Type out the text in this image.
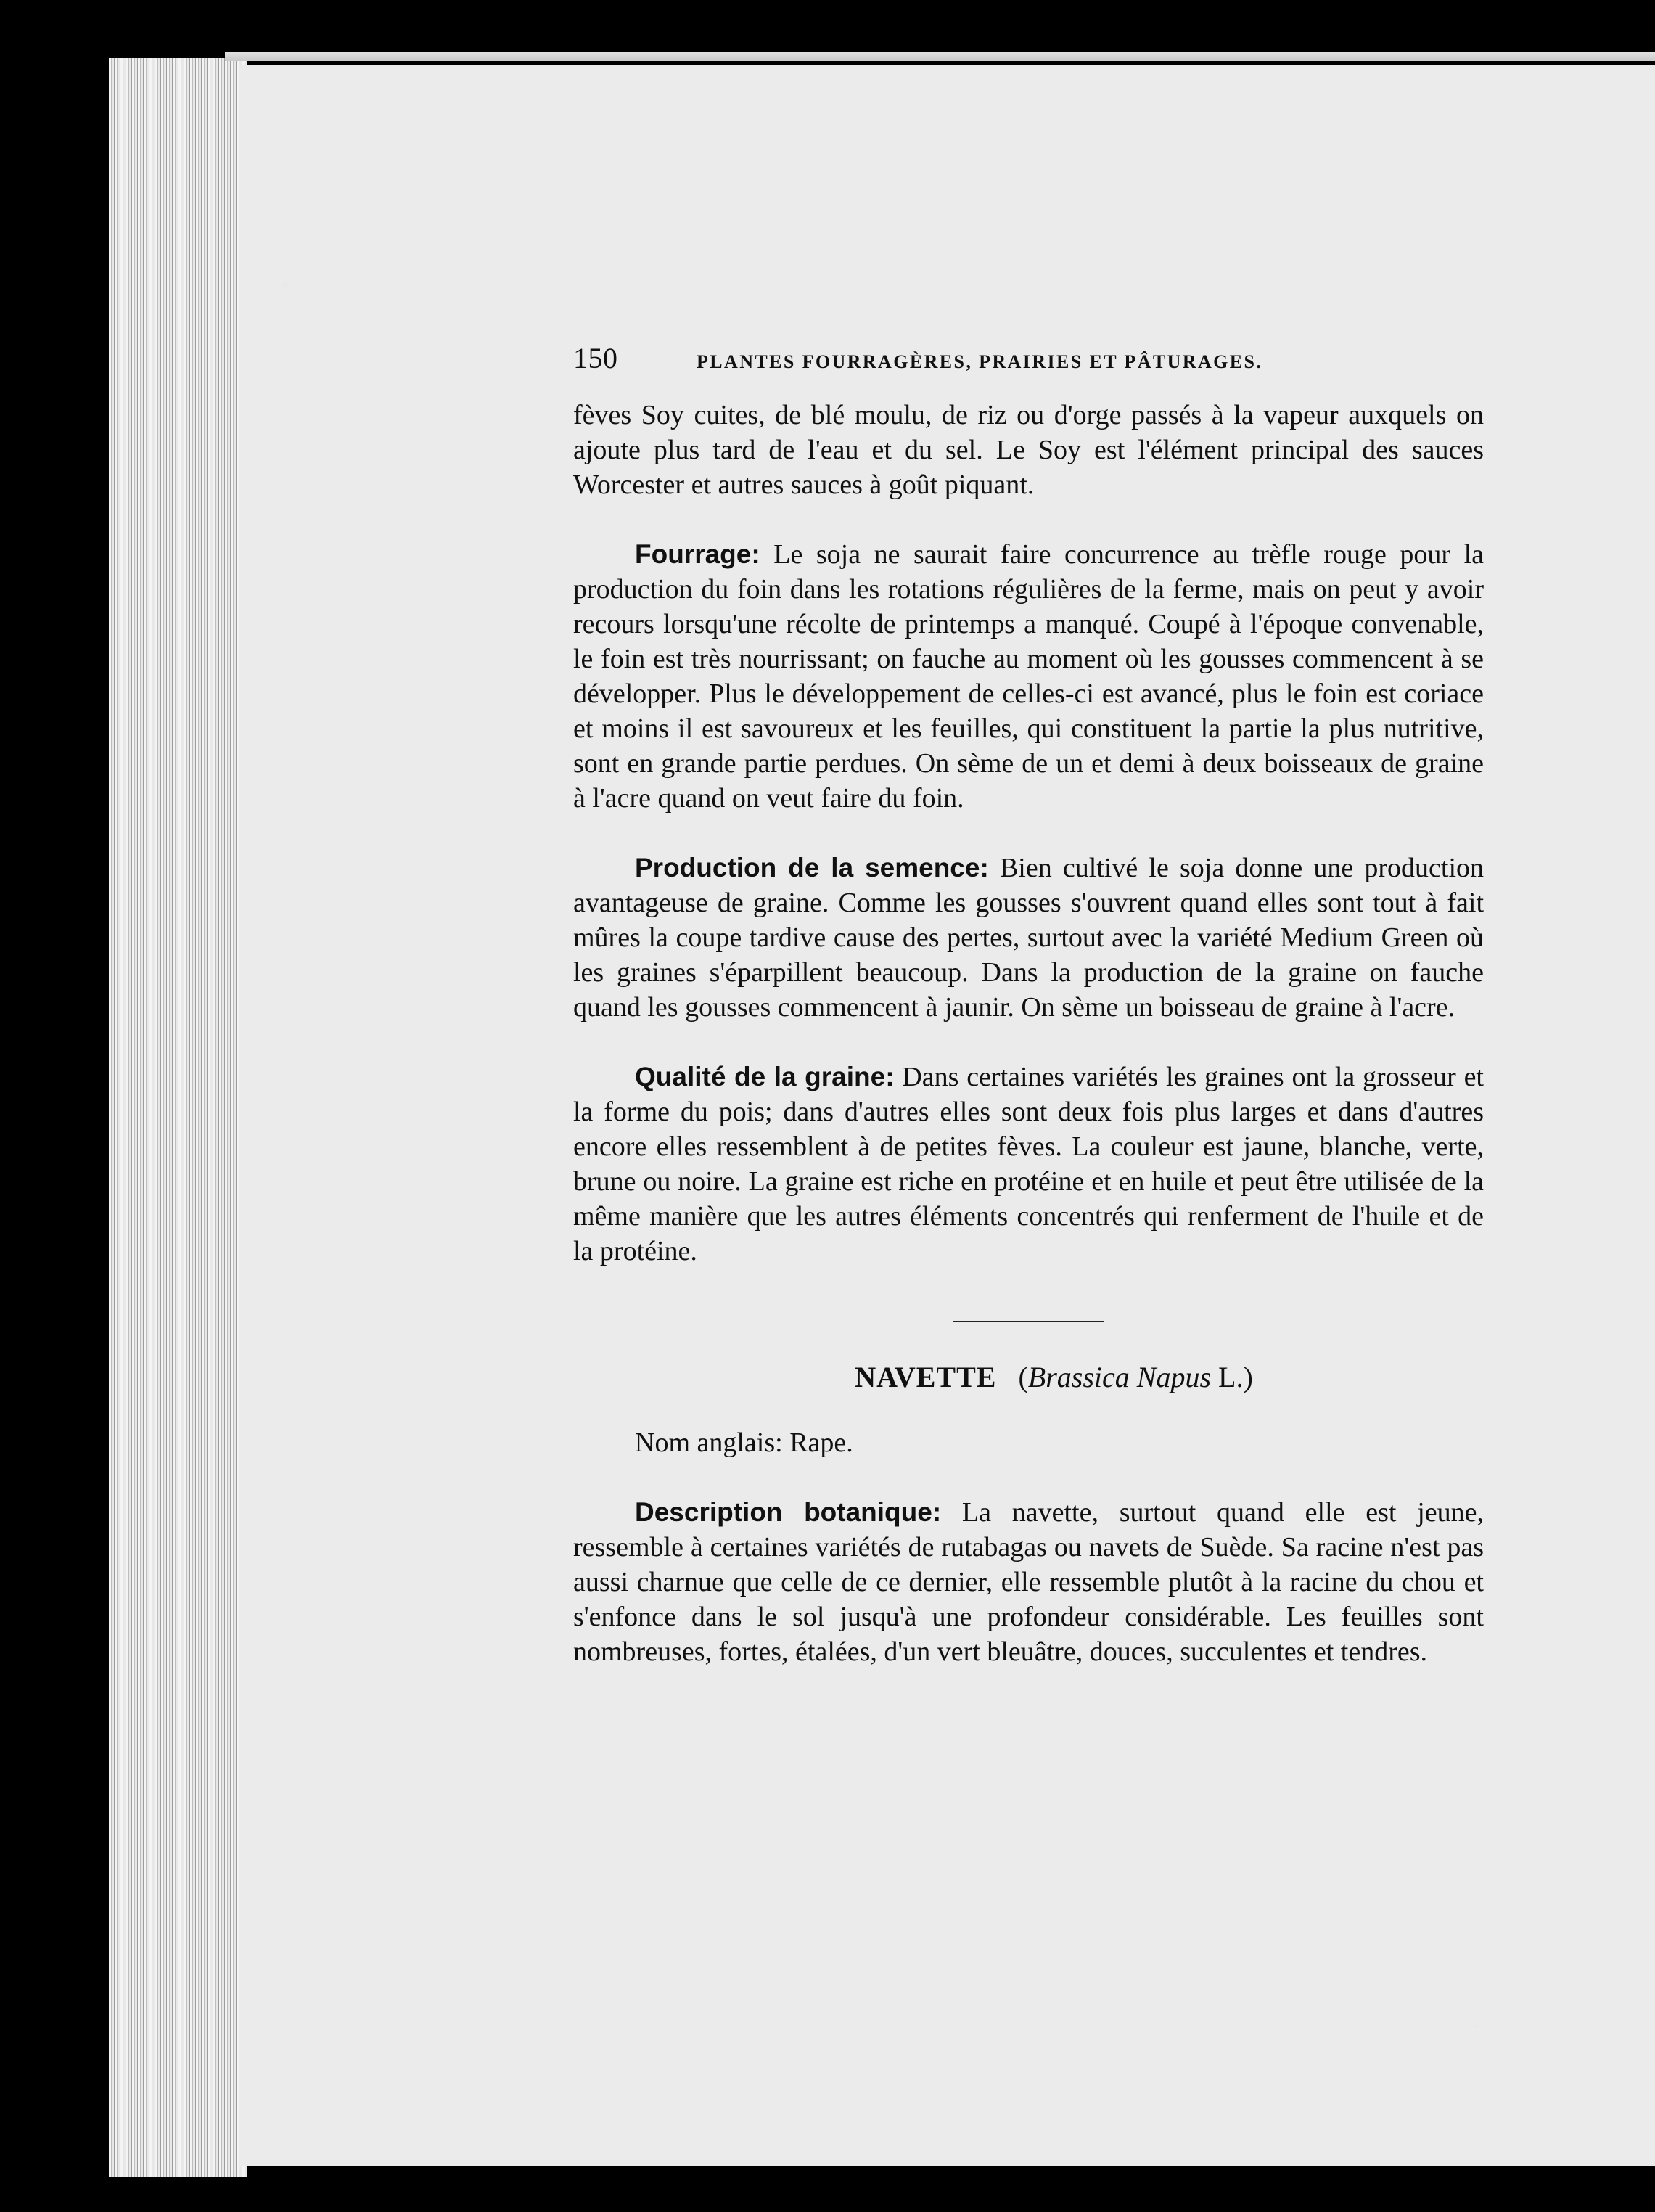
150	PLANTES FOURRAGÈRES, PRAIRIES ET PÂTURAGES.

fèves Soy cuites, de blé moulu, de riz ou d'orge passés à la vapeur auxquels on ajoute plus tard de l'eau et du sel. Le Soy est l'élément principal des sauces Worcester et autres sauces à goût piquant.

Fourrage: Le soja ne saurait faire concurrence au trèfle rouge pour la production du foin dans les rotations régulières de la ferme, mais on peut y avoir recours lorsqu'une récolte de printemps a manqué. Coupé à l'époque convenable, le foin est très nourrissant; on fauche au moment où les gousses commencent à se développer. Plus le développement de celles-ci est avancé, plus le foin est coriace et moins il est savoureux et les feuilles, qui constituent la partie la plus nutritive, sont en grande partie perdues. On sème de un et demi à deux boisseaux de graine à l'acre quand on veut faire du foin.

Production de la semence: Bien cultivé le soja donne une production avantageuse de graine. Comme les gousses s'ouvrent quand elles sont tout à fait mûres la coupe tardive cause des pertes, surtout avec la variété Medium Green où les graines s'éparpillent beaucoup. Dans la production de la graine on fauche quand les gousses commencent à jaunir. On sème un boisseau de graine à l'acre.

Qualité de la graine: Dans certaines variétés les graines ont la grosseur et la forme du pois; dans d'autres elles sont deux fois plus larges et dans d'autres encore elles ressemblent à de petites fèves. La couleur est jaune, blanche, verte, brune ou noire. La graine est riche en protéine et en huile et peut être utilisée de la même manière que les autres éléments concentrés qui renferment de l'huile et de la protéine.

NAVETTE (Brassica Napus L.)

Nom anglais: Rape.

Description botanique: La navette, surtout quand elle est jeune, ressemble à certaines variétés de rutabagas ou navets de Suède. Sa racine n'est pas aussi charnue que celle de ce dernier, elle ressemble plutôt à la racine du chou et s'enfonce dans le sol jusqu'à une profondeur considérable. Les feuilles sont nombreuses, fortes, étalées, d'un vert bleuâtre, douces, succulentes et tendres.
